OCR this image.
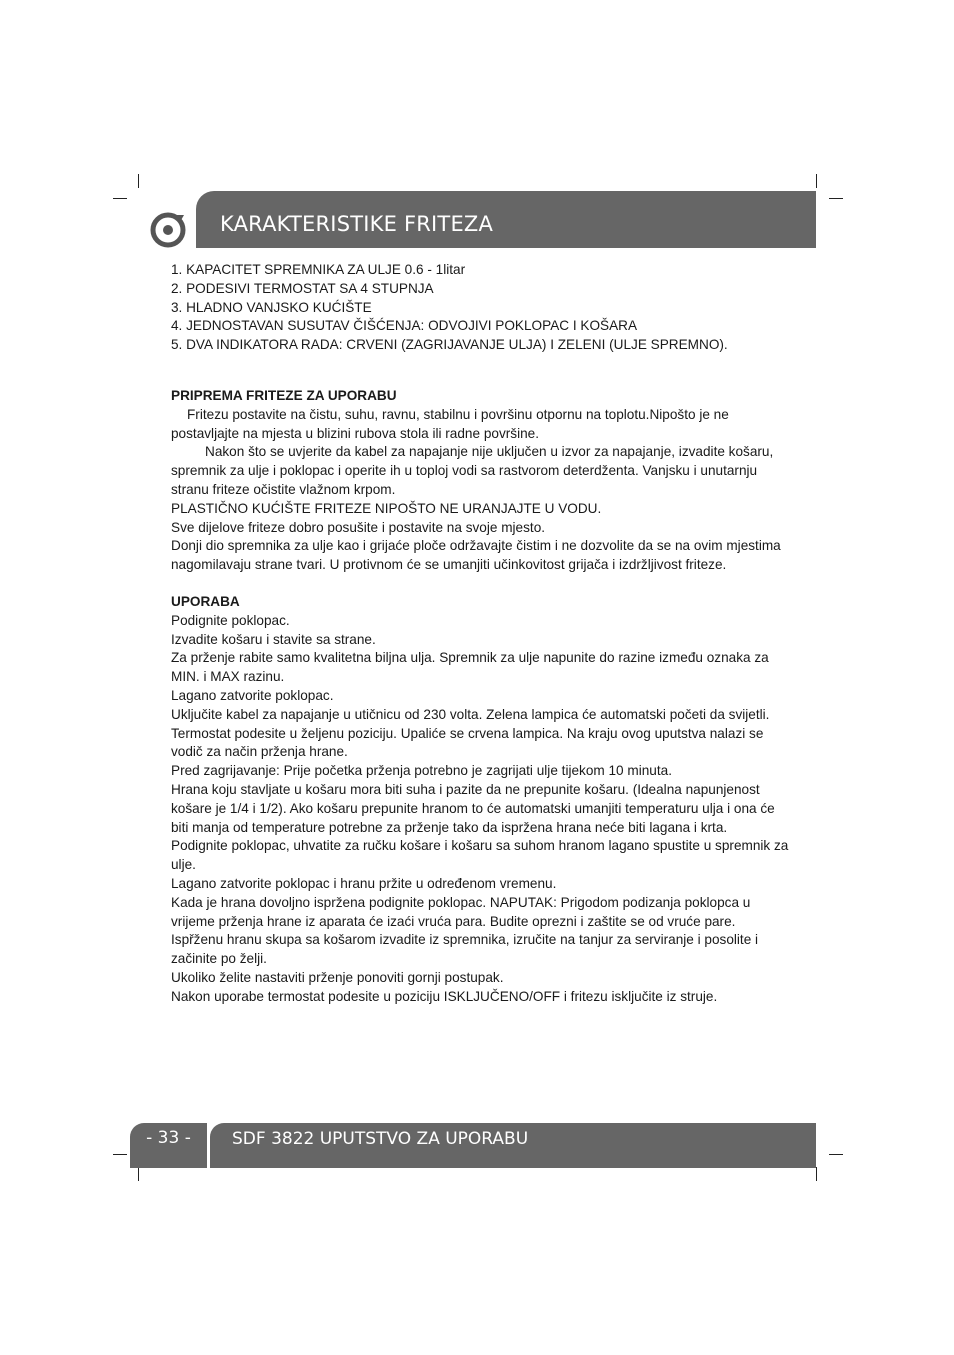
KARAKTERISTIKE FRITEZA
1. KAPACITET SPREMNIKA ZA ULJE 0.6 - 1litar
2. PODESIVI TERMOSTAT SA 4 STUPNJA
3. HLADNO VANJSKO KUĆIŠTE
4. JEDNOSTAVAN SUSUTAV ČIŠĆENJA: ODVOJIVI POKLOPAC I KOŠARA
5. DVA INDIKATORA RADA: CRVENI (ZAGRIJAVANJE ULJA) I ZELENI (ULJE SPREMNO).
PRIPREMA FRITEZE ZA UPORABU

Fritezu postavite na čistu, suhu, ravnu, stabilnu i površinu otpornu na toplotu.Nipošto je ne postavljajte na mjesta u blizini rubova stola ili radne površine.

Nakon što se uvjerite da kabel za napajanje nije uključen u izvor za napajanje, izvadite košaru, spremnik za ulje i poklopac i operite ih u toploj vodi sa rastvorom deterdženta. Vanjsku i unutarnju stranu friteze očistite vlažnom krpom.

PLASTIČNO KUĆIŠTE FRITEZE NIPOŠTO NE URANJAJTE U VODU.

Sve dijelove friteze dobro posušite i postavite na svoje mjesto.

Donji dio spremnika za ulje kao i grijaće ploče održavajte čistim i ne dozvolite da se na ovim mjestima nagomilavaju strane tvari. U protivnom će se umanjiti učinkovitost grijača i izdržljivost friteze.

UPORABA

Podignite poklopac.

Izvadite košaru i stavite sa strane.

Za prženje rabite samo kvalitetna biljna ulja. Spremnik za ulje napunite do razine između oznaka za MIN. i MAX razinu.

Lagano zatvorite poklopac.

Uključite kabel za napajanje u utičnicu od 230 volta. Zelena lampica će automatski početi da svijetli.

Termostat podesite u željenu poziciju. Upaliće se crvena lampica. Na kraju ovog uputstva nalazi se vodič za način prženja hrane.

Pred zagrijavanje: Prije početka prženja potrebno je zagrijati ulje tijekom 10 minuta.

Hrana koju stavljate u košaru mora biti suha i pazite da ne prepunite košaru. (Idealna napunjenost košare je 1/4 i 1/2). Ako košaru prepunite hranom to će automatski umanjiti temperaturu ulja i ona će biti manja od temperature potrebne za prženje tako da ispržena hrana neće biti lagana i krta.

Podignite poklopac, uhvatite za ručku košare i košaru sa suhom hranom lagano spustite u spremnik za ulje.

Lagano zatvorite poklopac i hranu pržite u određenom vremenu.

Kada je hrana dovoljno ispržena podignite poklopac. NAPUTAK: Prigodom podizanja poklopca u vrijeme prženja hrane iz aparata će izaći vruća para. Budite oprezni i zaštite se od vruće pare.

Ispřženu hranu skupa sa košarom izvadite iz spremnika, izručite na tanjur za serviranje i posolite i začinite po želji.

Ukoliko želite nastaviti prženje ponoviti gornji postupak.

Nakon uporabe termostat podesite u poziciju ISKLJUČENO/OFF i fritezu isključite iz struje.

- 33 -	SDF 3822 UPUTSTVO ZA UPORABU
